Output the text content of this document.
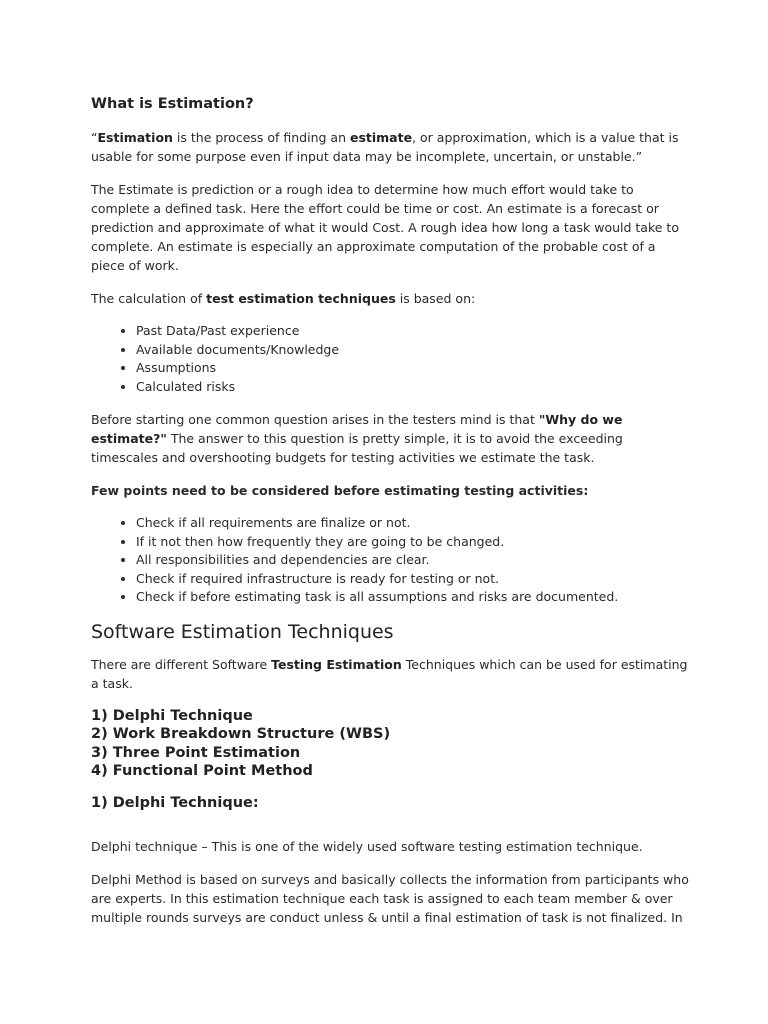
What is Estimation?

“Estimation is the process of finding an estimate, or approximation, which is a value that is usable for some purpose even if input data may be incomplete, uncertain, or unstable.”

The Estimate is prediction or a rough idea to determine how much effort would take to complete a defined task. Here the effort could be time or cost. An estimate is a forecast or prediction and approximate of what it would Cost. A rough idea how long a task would take to complete. An estimate is especially an approximate computation of the probable cost of a piece of work.

The calculation of test estimation techniques is based on:

• Past Data/Past experience
• Available documents/Knowledge
• Assumptions
• Calculated risks

Before starting one common question arises in the testers mind is that "Why do we estimate?" The answer to this question is pretty simple, it is to avoid the exceeding timescales and overshooting budgets for testing activities we estimate the task.

Few points need to be considered before estimating testing activities:

• Check if all requirements are finalize or not.
• If it not then how frequently they are going to be changed.
• All responsibilities and dependencies are clear.
• Check if required infrastructure is ready for testing or not.
• Check if before estimating task is all assumptions and risks are documented.
Software Estimation Techniques

There are different Software Testing Estimation Techniques which can be used for estimating a task.

1) Delphi Technique
2) Work Breakdown Structure (WBS)
3) Three Point Estimation
4) Functional Point Method
1) Delphi Technique:

Delphi technique – This is one of the widely used software testing estimation technique.

Delphi Method is based on surveys and basically collects the information from participants who are experts. In this estimation technique each task is assigned to each team member & over multiple rounds surveys are conduct unless & until a final estimation of task is not finalized. In
